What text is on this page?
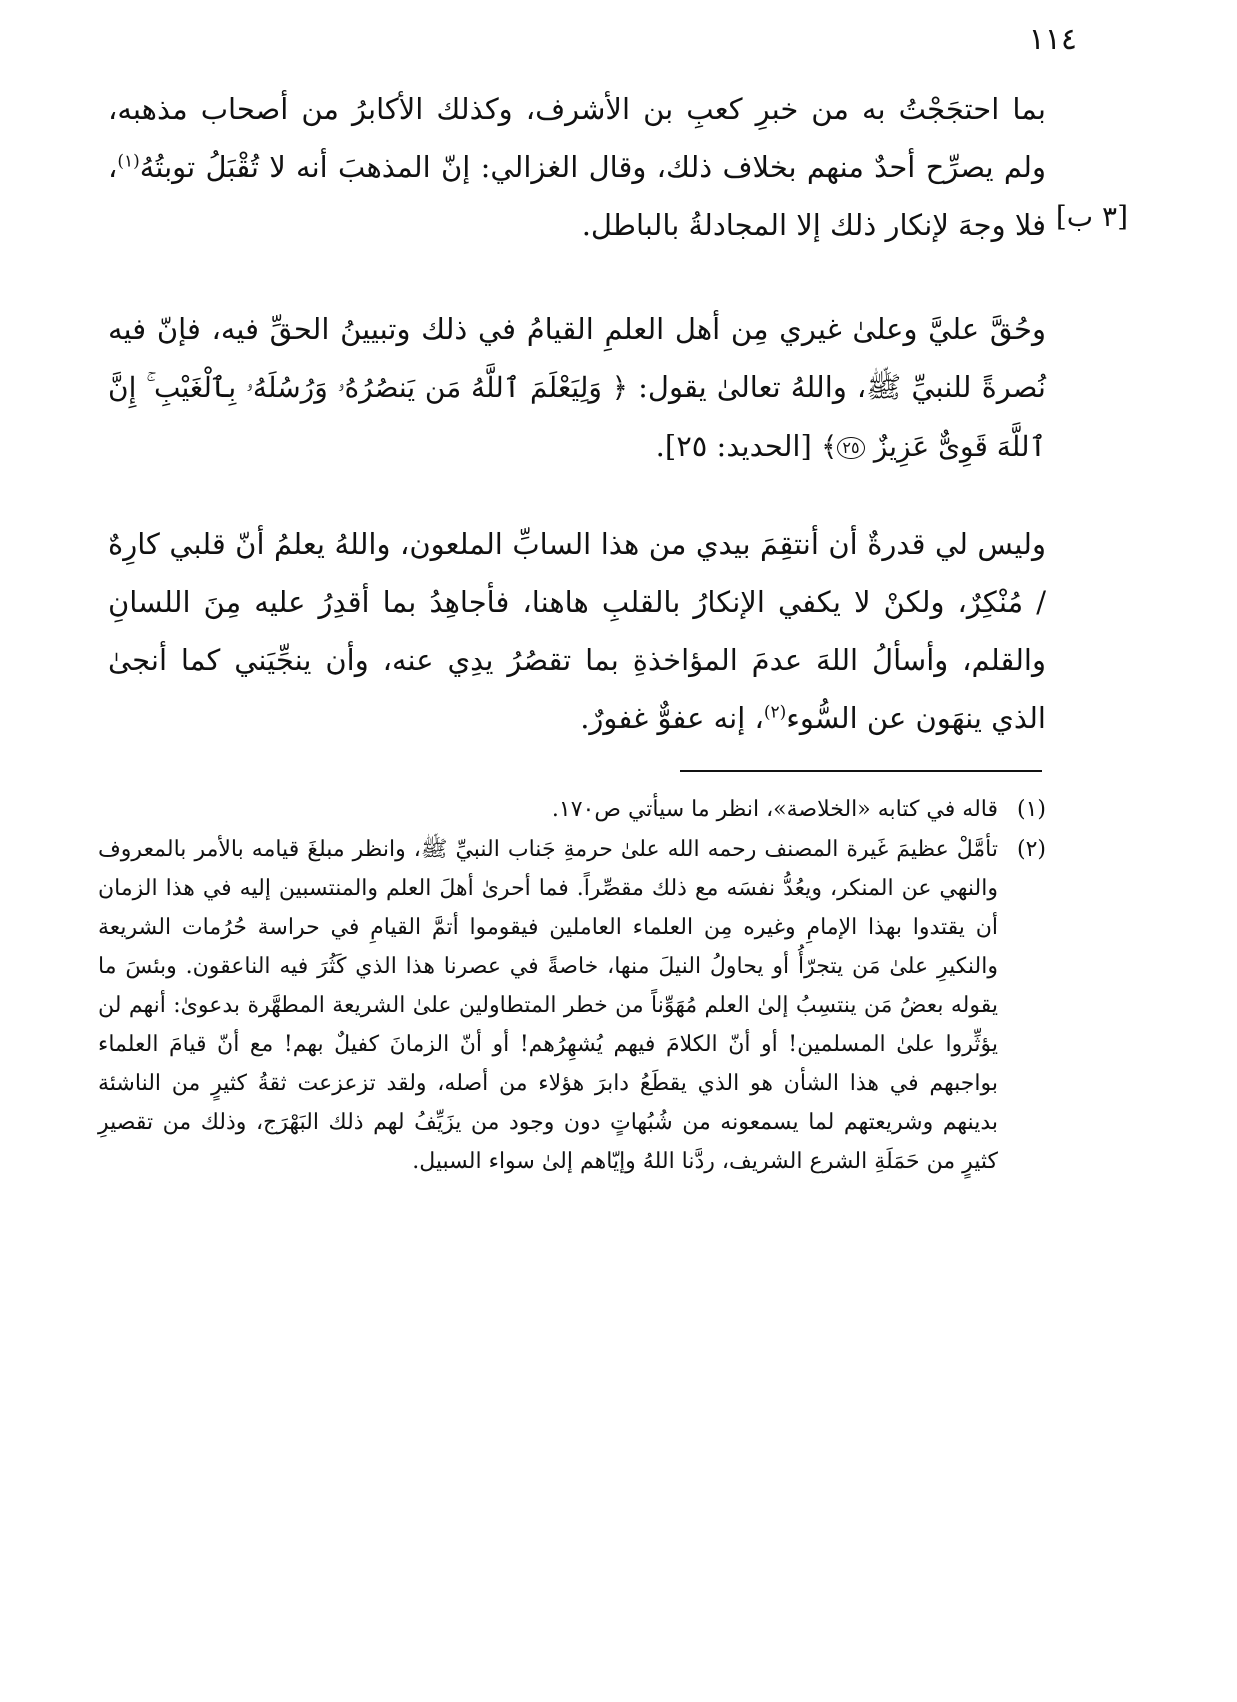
١١٤
[٣ ب]

بما احتجَجْتُ به من خبرِ كعبِ بن الأشرف، وكذلك الأكابرُ من أصحاب مذهبه، ولم يصرِّح أحدٌ منهم بخلاف ذلك، وقال الغزالي: إنّ المذهبَ أنه لا تُقْبَلُ توبتُهُ$^{(١)}$، فلا وجهَ لإنكار ذلك إلا المجادلةُ بالباطل.

وحُقَّ عليَّ وعلىٰ غيري مِن أهل العلمِ القيامُ في ذلك وتبيينُ الحقِّ فيه، فإنّ فيه نُصرةً للنبيِّ ﷺ، واللهُ تعالىٰ يقول: ﴿ وَلِيَعْلَمَ ٱللَّهُ مَن يَنصُرُهُۥ وَرُسُلَهُۥ بِٱلْغَيْبِ ۚ إِنَّ ٱللَّهَ قَوِىٌّ عَزِيزٌ ٢٥﴾ [الحديد: ٢٥].

وليس لي قدرةٌ أن أنتقِمَ بيدي من هذا السابِّ الملعون، واللهُ يعلمُ أنّ قلبي كارِهٌ / مُنْكِرٌ، ولكنْ لا يكفي الإنكارُ بالقلبِ هاهنا، فأجاهِدُ بما أقدِرُ عليه مِنَ اللسانِ والقلم، وأسألُ اللهَ عدمَ المؤاخذةِ بما تقصُرُ يدِي عنه، وأن ينجِّيَني كما أنجىٰ الذي ينهَون عن السُّوء$^{(٢)}$، إنه عفوٌّ غفورٌ.

(١)
قاله في كتابه «الخلاصة»، انظر ما سيأتي ص١٧٠.
(٢)
تأمَّلْ عظيمَ غَيرة المصنف رحمه الله علىٰ حرمةِ جَناب النبيِّ ﷺ، وانظر مبلغَ قيامه بالأمر بالمعروف والنهي عن المنكر، ويعُدُّ نفسَه مع ذلك مقصِّراً. فما أحرىٰ أهلَ العلم والمنتسبين إليه في هذا الزمان أن يقتدوا بهذا الإمامِ وغيره مِن العلماء العاملين فيقوموا أتمَّ القيامِ في حراسة حُرُمات الشريعة والنكيرِ علىٰ مَن يتجرّأُ أو يحاولُ النيلَ منها، خاصةً في عصرنا هذا الذي كَثُرَ فيه الناعقون. وبئسَ ما يقوله بعضُ مَن ينتسِبُ إلىٰ العلم مُهَوِّناً من خطر المتطاولين علىٰ الشريعة المطهَّرة بدعوىٰ: أنهم لن يؤثِّروا علىٰ المسلمين! أو أنّ الكلامَ فيهم يُشهِرُهم! أو أنّ الزمانَ كفيلٌ بهم! مع أنّ قيامَ العلماء بواجبهم في هذا الشأن هو الذي يقطَعُ دابرَ هؤلاء من أصله، ولقد تزعزعت ثقةُ كثيرٍ من الناشئة بدينهم وشريعتهم لما يسمعونه من شُبُهاتٍ دون وجود من يزَيِّفُ لهم ذلك البَهْرَج، وذلك من تقصيرِ كثيرٍ من حَمَلَةِ الشرع الشريف، ردَّنا اللهُ وإيّاهم إلىٰ سواء السبيل.
